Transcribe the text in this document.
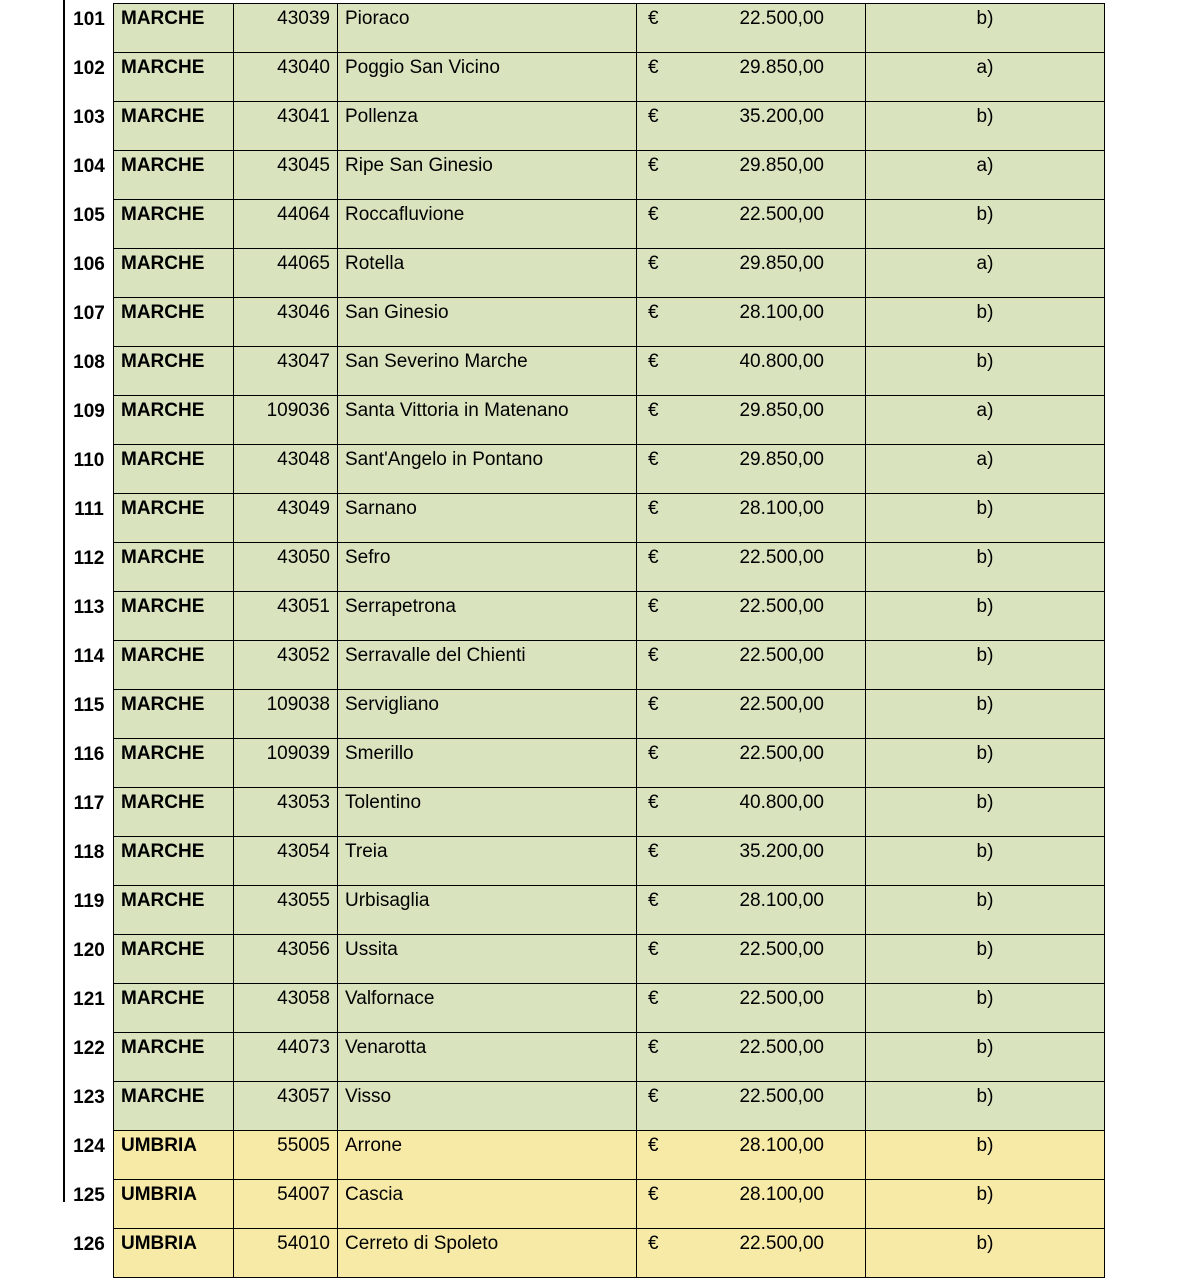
101	MARCHE	43039	Pioraco	€ 22.500,00	b)
102	MARCHE	43040	Poggio San Vicino	€ 29.850,00	a)
103	MARCHE	43041	Pollenza	€ 35.200,00	b)
104	MARCHE	43045	Ripe San Ginesio	€ 29.850,00	a)
105	MARCHE	44064	Roccafluvione	€ 22.500,00	b)
106	MARCHE	44065	Rotella	€ 29.850,00	a)
107	MARCHE	43046	San Ginesio	€ 28.100,00	b)
108	MARCHE	43047	San Severino Marche	€ 40.800,00	b)
109	MARCHE	109036	Santa Vittoria in Matenano	€ 29.850,00	a)
110	MARCHE	43048	Sant'Angelo in Pontano	€ 29.850,00	a)
111	MARCHE	43049	Sarnano	€ 28.100,00	b)
112	MARCHE	43050	Sefro	€ 22.500,00	b)
113	MARCHE	43051	Serrapetrona	€ 22.500,00	b)
114	MARCHE	43052	Serravalle del Chienti	€ 22.500,00	b)
115	MARCHE	109038	Servigliano	€ 22.500,00	b)
116	MARCHE	109039	Smerillo	€ 22.500,00	b)
117	MARCHE	43053	Tolentino	€ 40.800,00	b)
118	MARCHE	43054	Treia	€ 35.200,00	b)
119	MARCHE	43055	Urbisaglia	€ 28.100,00	b)
120	MARCHE	43056	Ussita	€ 22.500,00	b)
121	MARCHE	43058	Valfornace	€ 22.500,00	b)
122	MARCHE	44073	Venarotta	€ 22.500,00	b)
123	MARCHE	43057	Visso	€ 22.500,00	b)
124	UMBRIA	55005	Arrone	€ 28.100,00	b)
125	UMBRIA	54007	Cascia	€ 28.100,00	b)
126	UMBRIA	54010	Cerreto di Spoleto	€ 22.500,00	b)
